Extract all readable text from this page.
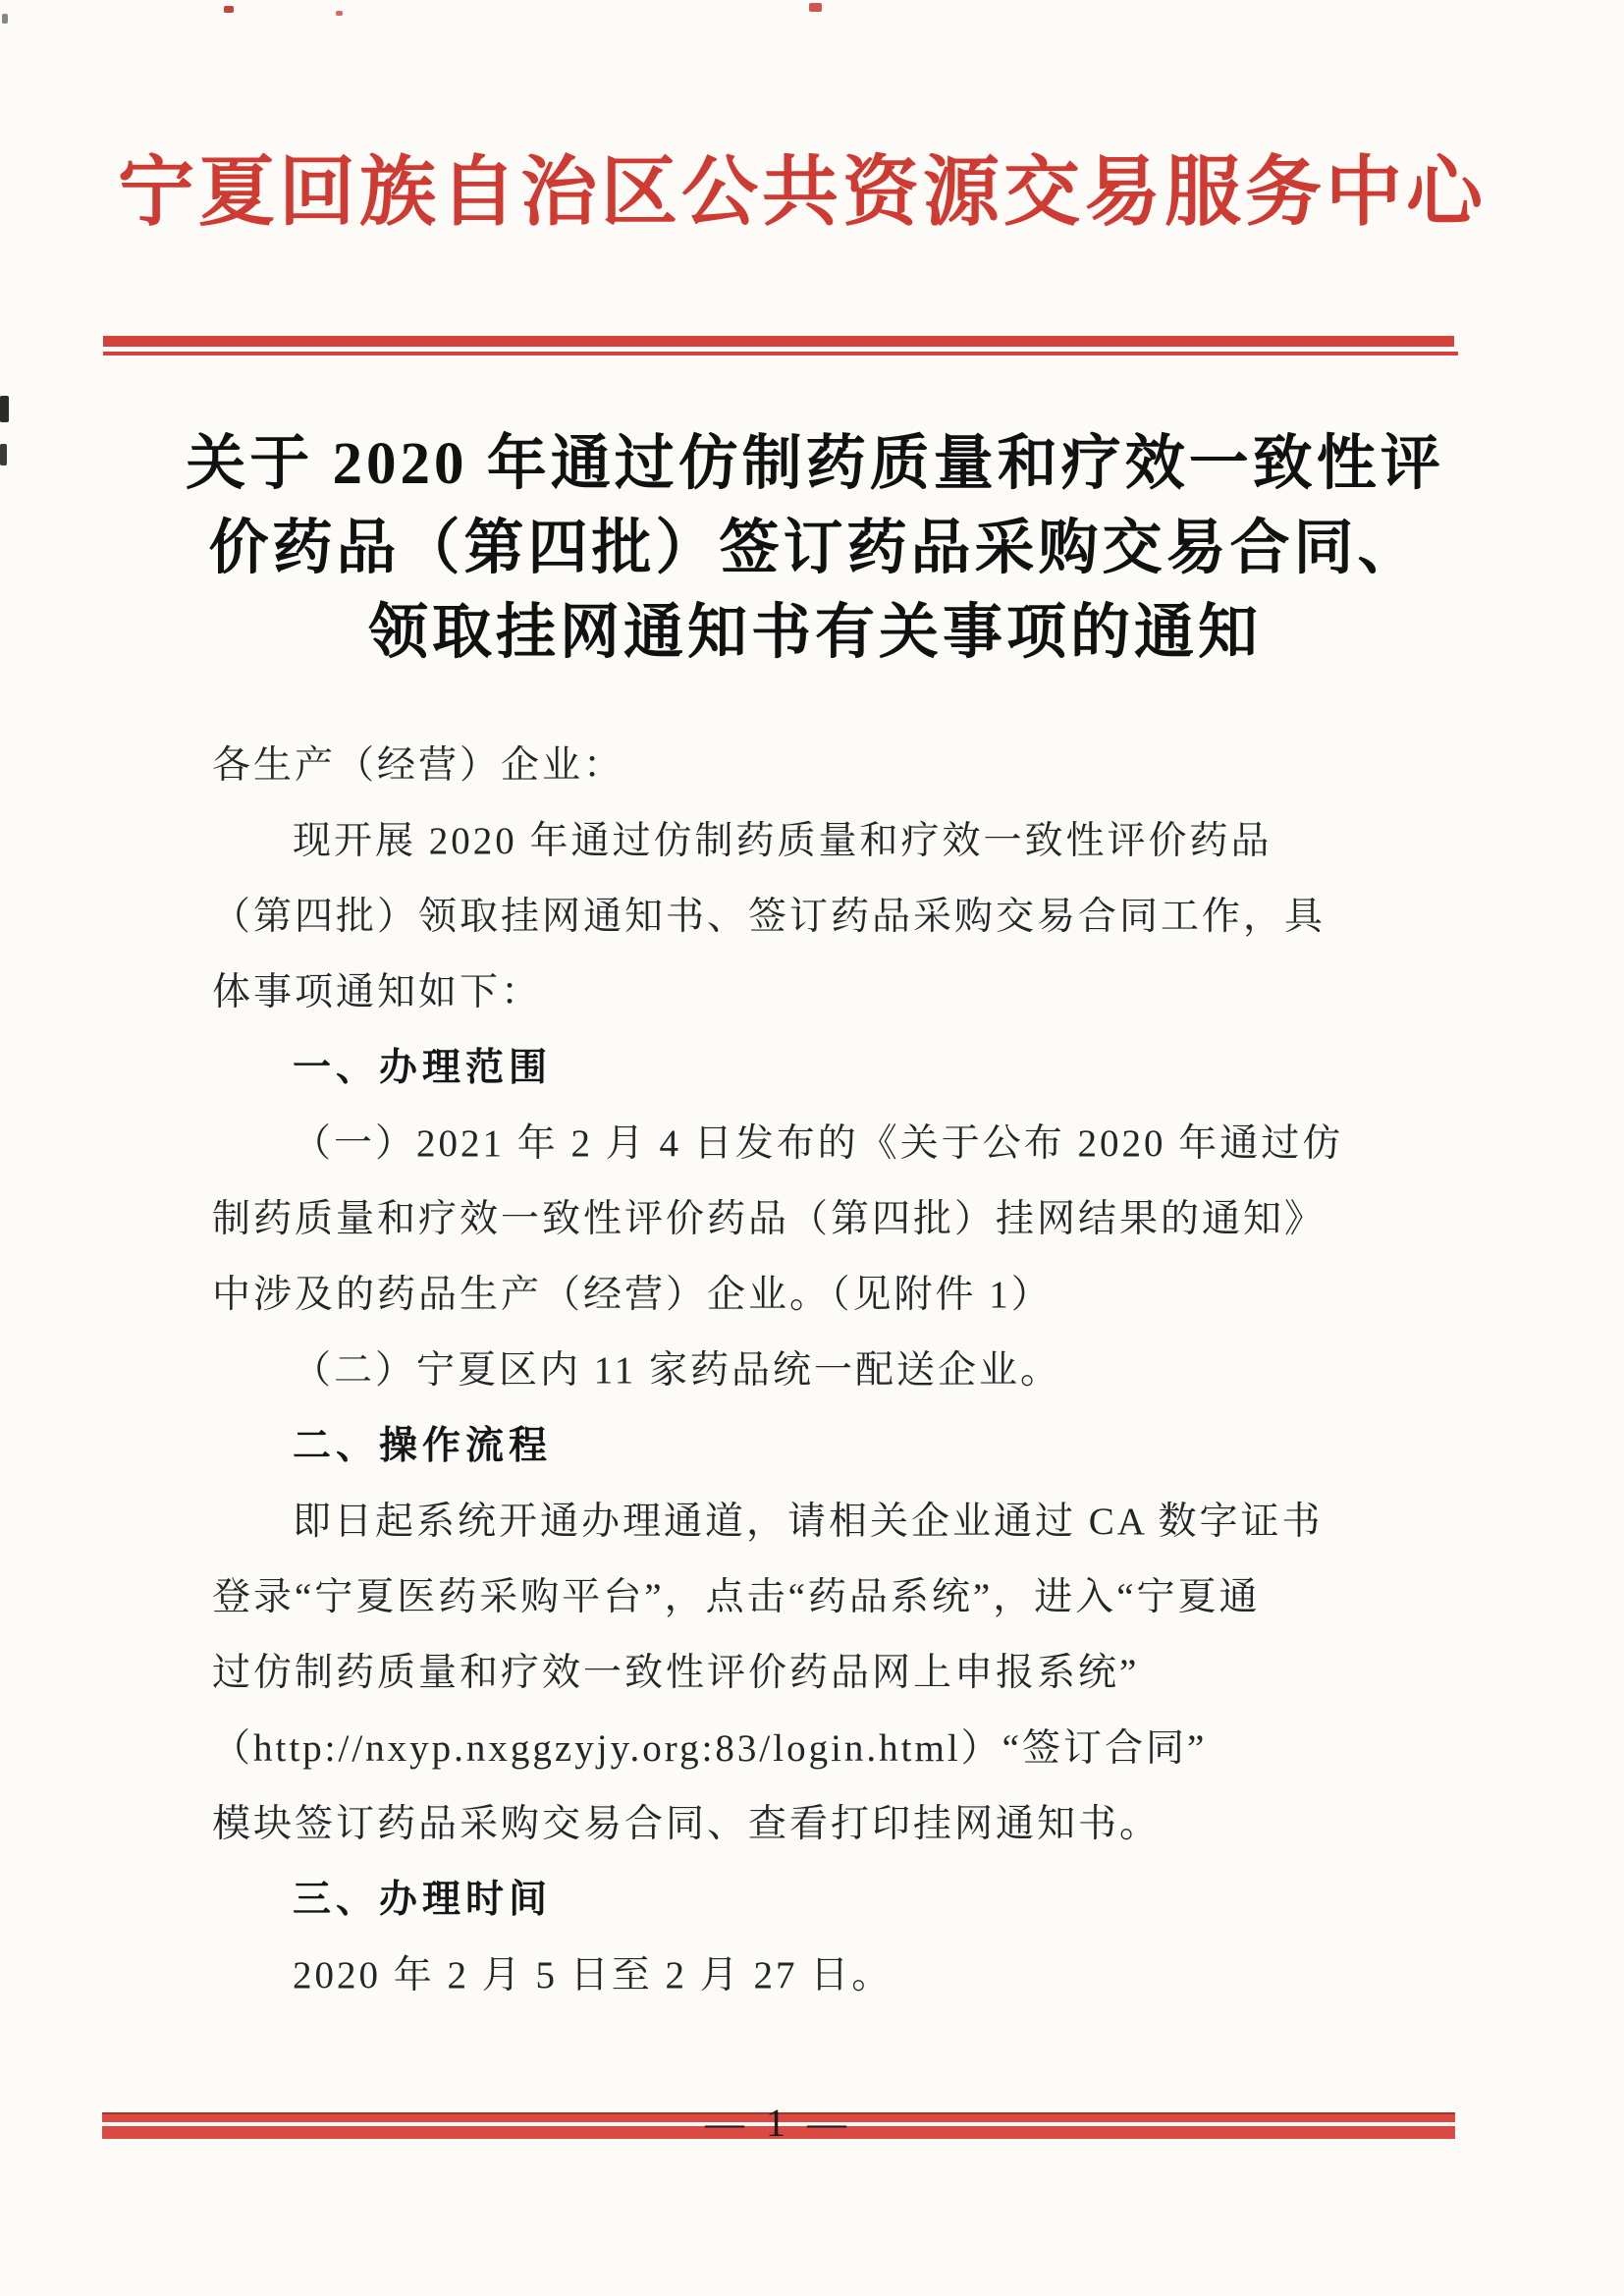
宁夏回族自治区公共资源交易服务中心
关于 2020 年通过仿制药质量和疗效一致性评
价药品（第四批）签订药品采购交易合同、
领取挂网通知书有关事项的通知
各生产（经营）企业：
现开展 2020 年通过仿制药质量和疗效一致性评价药品
（第四批）领取挂网通知书、签订药品采购交易合同工作，具
体事项通知如下：
一、办理范围
（一）2021 年 2 月 4 日发布的《关于公布 2020 年通过仿
制药质量和疗效一致性评价药品（第四批）挂网结果的通知》
中涉及的药品生产（经营）企业。（见附件 1）
（二）宁夏区内 11 家药品统一配送企业。
二、操作流程
即日起系统开通办理通道，请相关企业通过 CA 数字证书
登录“宁夏医药采购平台”，点击“药品系统”，进入“宁夏通
过仿制药质量和疗效一致性评价药品网上申报系统”
（http://nxyp.nxggzyjy.org:83/login.html）“签订合同”
模块签订药品采购交易合同、查看打印挂网通知书。
三、办理时间
2020 年 2 月 5 日至 2 月 27 日。
— 1 —
